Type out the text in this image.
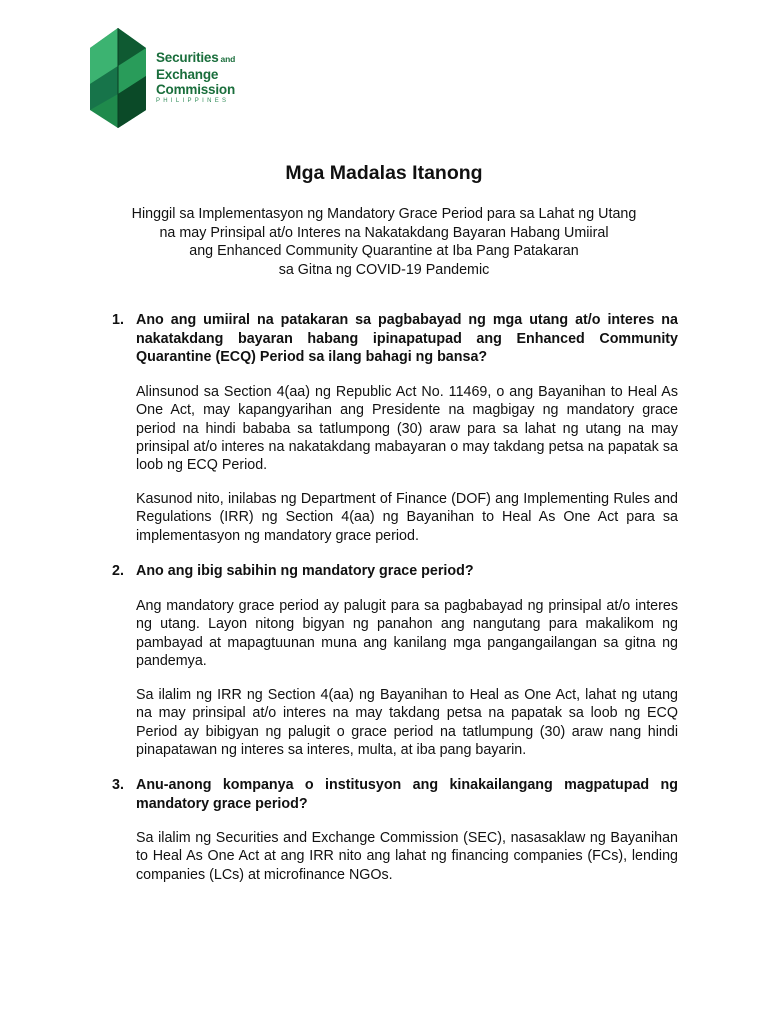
Securities and
Exchange
Commission
PHILIPPINES
Mga Madalas Itanong
Hinggil sa Implementasyon ng Mandatory Grace Period para sa Lahat ng Utang
na may Prinsipal at/o Interes na Nakatakdang Bayaran Habang Umiiral
ang Enhanced Community Quarantine at Iba Pang Patakaran
sa Gitna ng COVID-19 Pandemic
1. Ano ang umiiral na patakaran sa pagbabayad ng mga utang at/o interes na nakatakdang bayaran habang ipinapatupad ang Enhanced Community Quarantine (ECQ) Period sa ilang bahagi ng bansa?
Alinsunod sa Section 4(aa) ng Republic Act No. 11469, o ang Bayanihan to Heal As One Act, may kapangyarihan ang Presidente na magbigay ng mandatory grace period na hindi bababa sa tatlumpong (30) araw para sa lahat ng utang na may prinsipal at/o interes na nakatakdang mabayaran o may takdang petsa na papatak sa loob ng ECQ Period.
Kasunod nito, inilabas ng Department of Finance (DOF) ang Implementing Rules and Regulations (IRR) ng Section 4(aa) ng Bayanihan to Heal As One Act para sa implementasyon ng mandatory grace period.
2. Ano ang ibig sabihin ng mandatory grace period?
Ang mandatory grace period ay palugit para sa pagbabayad ng prinsipal at/o interes ng utang. Layon nitong bigyan ng panahon ang nangutang para makalikom ng pambayad at mapagtuunan muna ang kanilang mga pangangailangan sa gitna ng pandemya.
Sa ilalim ng IRR ng Section 4(aa) ng Bayanihan to Heal as One Act, lahat ng utang na may prinsipal at/o interes na may takdang petsa na papatak sa loob ng ECQ Period ay bibigyan ng palugit o grace period na tatlumpung (30) araw nang hindi pinapatawan ng interes sa interes, multa, at iba pang bayarin.
3. Anu-anong kompanya o institusyon ang kinakailangang magpatupad ng mandatory grace period?
Sa ilalim ng Securities and Exchange Commission (SEC), nasasaklaw ng Bayanihan to Heal As One Act at ang IRR nito ang lahat ng financing companies (FCs), lending companies (LCs) at microfinance NGOs.
